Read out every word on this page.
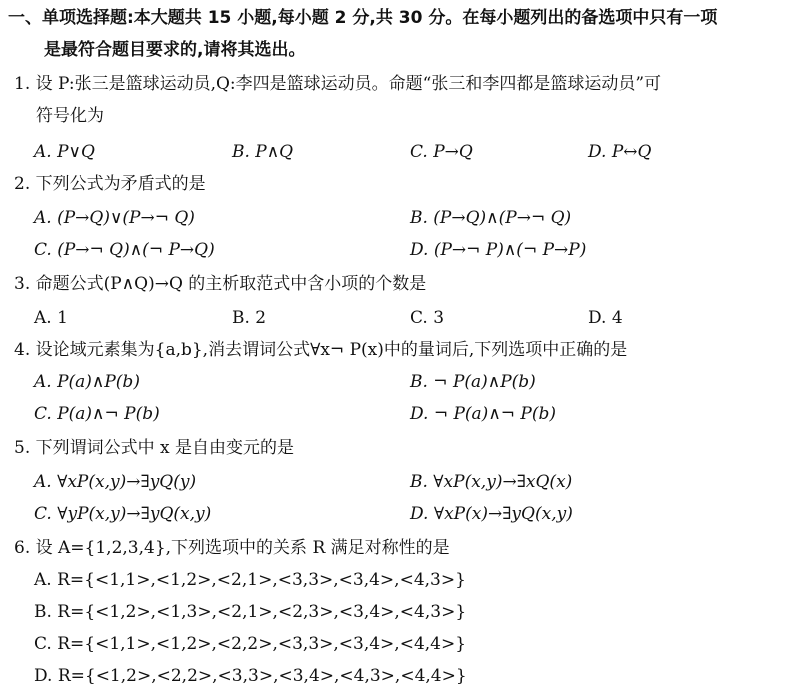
一、单项选择题:本大题共 15 小题,每小题 2 分,共 30 分。在每小题列出的备选项中只有一项
是最符合题目要求的,请将其选出。
1. 设 P:张三是篮球运动员,Q:李四是篮球运动员。命题“张三和李四都是篮球运动员”可
符号化为
A. P∨Q	B. P∧Q	C. P→Q	D. P↔Q
2. 下列公式为矛盾式的是
A. (P→Q)∨(P→¬ Q)	B. (P→Q)∧(P→¬ Q)
C. (P→¬ Q)∧(¬ P→Q)	D. (P→¬ P)∧(¬ P→P)
3. 命题公式(P∧Q)→Q 的主析取范式中含小项的个数是
A. 1	B. 2	C. 3	D. 4
4. 设论域元素集为{a,b},消去谓词公式∀x¬ P(x)中的量词后,下列选项中正确的是
A. P(a)∧P(b)	B. ¬ P(a)∧P(b)
C. P(a)∧¬ P(b)	D. ¬ P(a)∧¬ P(b)
5. 下列谓词公式中 x 是自由变元的是
A. ∀xP(x,y)→∃yQ(y)	B. ∀xP(x,y)→∃xQ(x)
C. ∀yP(x,y)→∃yQ(x,y)	D. ∀xP(x)→∃yQ(x,y)
6. 设 A={1,2,3,4},下列选项中的关系 R 满足对称性的是
A. R={<1,1>,<1,2>,<2,1>,<3,3>,<3,4>,<4,3>}
B. R={<1,2>,<1,3>,<2,1>,<2,3>,<3,4>,<4,3>}
C. R={<1,1>,<1,2>,<2,2>,<3,3>,<3,4>,<4,4>}
D. R={<1,2>,<2,2>,<3,3>,<3,4>,<4,3>,<4,4>}
